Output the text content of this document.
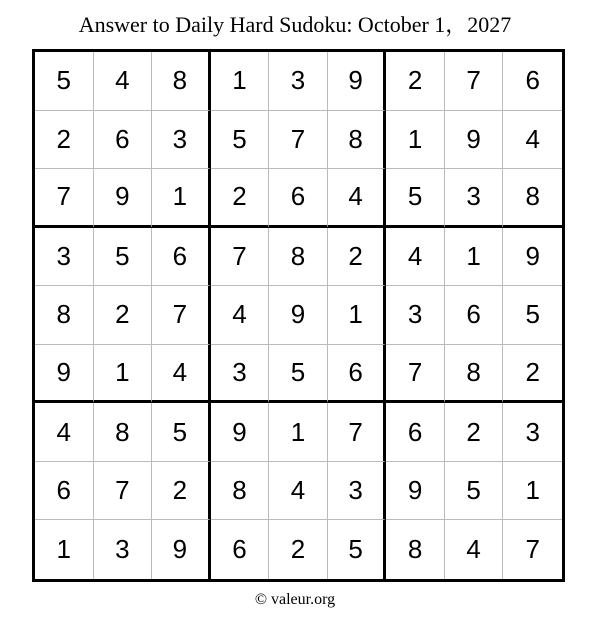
Answer to Daily Hard Sudoku: October 1，2027
5	4	8	1	3	9	2	7	6
2	6	3	5	7	8	1	9	4
7	9	1	2	6	4	5	3	8
3	5	6	7	8	2	4	1	9
8	2	7	4	9	1	3	6	5
9	1	4	3	5	6	7	8	2
4	8	5	9	1	7	6	2	3
6	7	2	8	4	3	9	5	1
1	3	9	6	2	5	8	4	7
© valeur.org
